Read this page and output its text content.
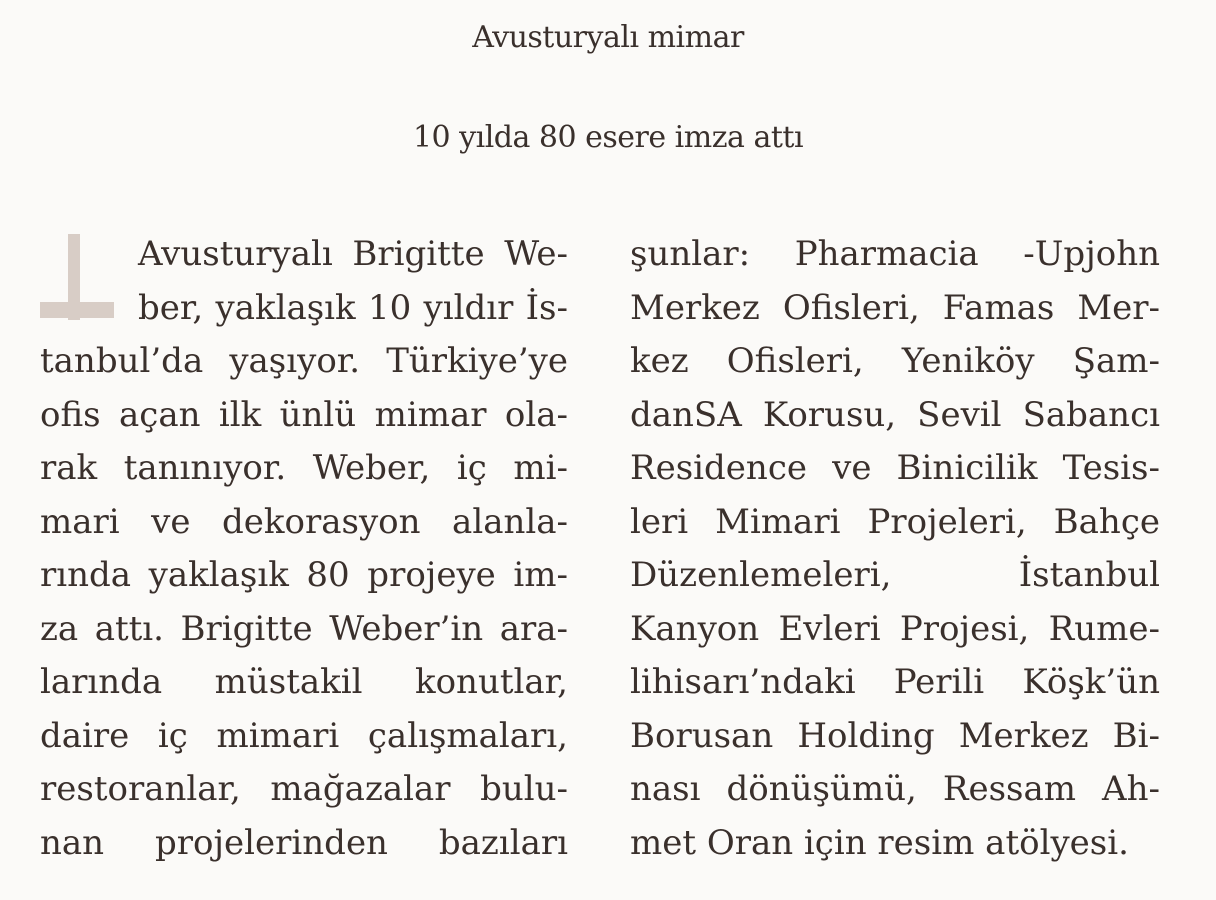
Avusturyalı mimar
10 yılda 80 esere imza attı
Avusturyalı Brigitte We-
ber, yaklaşık 10 yıldır İs-
tanbul’da yaşıyor. Türkiye’ye
ofis açan ilk ünlü mimar ola-
rak tanınıyor. Weber, iç mi-
mari ve dekorasyon alanla-
rında yaklaşık 80 projeye im-
za attı. Brigitte Weber’in ara-
larında müstakil konutlar,
daire iç mimari çalışmaları,
restoranlar, mağazalar bulu-
nan projelerinden bazıları
şunlar: Pharmacia -Upjohn
Merkez Ofisleri, Famas Mer-
kez Ofisleri, Yeniköy Şam-
danSA Korusu, Sevil Sabancı
Residence ve Binicilik Tesis-
leri Mimari Projeleri, Bahçe
Düzenlemeleri, İstanbul
Kanyon Evleri Projesi, Rume-
lihisarı’ndaki Perili Köşk’ün
Borusan Holding Merkez Bi-
nası dönüşümü, Ressam Ah-
met Oran için resim atölyesi.
